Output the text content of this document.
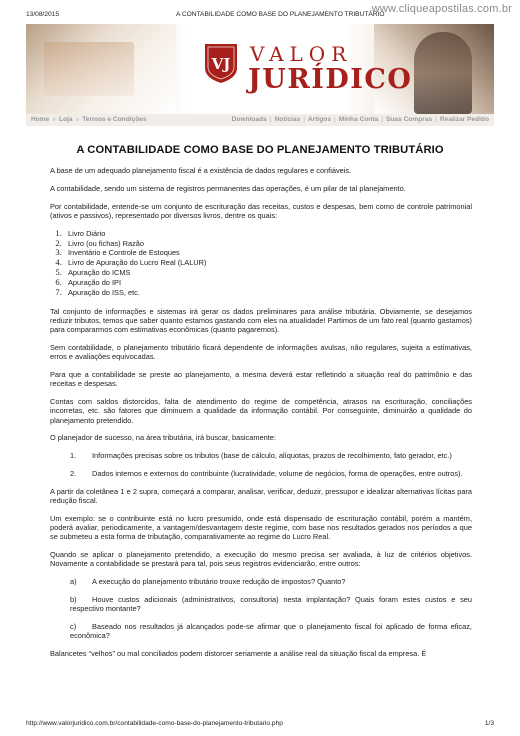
13/08/2015	A CONTABILIDADE COMO BASE DO PLANEJAMENTO TRIBUTÁRIO
www.cliqueapostilas.com.br
VJ VALOR
JURÍDICO
Home » Loja » Termos e Condições	Downloads | Notícias | Artigos | Minha Conta | Suas Compras | Realizar Pedido
A CONTABILIDADE COMO BASE DO PLANEJAMENTO TRIBUTÁRIO

A base de um adequado planejamento fiscal é a existência de dados regulares e confiáveis.

A contabilidade, sendo um sistema de registros permanentes das operações, é um pilar de tal planejamento.

Por contabilidade, entende-se um conjunto de escrituração das receitas, custos e despesas, bem como de controle patrimonial (ativos e passivos), representado por diversos livros, dentre os quais:

1. Livro Diário
2. Livro (ou fichas) Razão
3. Inventário e Controle de Estoques
4. Livro de Apuração do Lucro Real (LALUR)
5. Apuração do ICMS
6. Apuração do IPI
7. Apuração do ISS, etc.

Tal conjunto de informações e sistemas irá gerar os dados preliminares para análise tributária. Obviamente, se desejamos reduzir tributos, temos que saber quanto estamos gastando com eles na atualidade! Partimos de um fato real (quanto gastamos) para compararmos com estimativas econômicas (quanto pagaremos).

Sem contabilidade, o planejamento tributário ficará dependente de informações avulsas, não regulares, sujeita a estimativas, erros e avaliações equivocadas.

Para que a contabilidade se preste ao planejamento, a mesma deverá estar refletindo a situação real do patrimônio e das receitas e despesas.

Contas com saldos distorcidos, falta de atendimento do regime de competência, atrasos na escrituração, conciliações incorretas, etc. são fatores que diminuem a qualidade da informação contábil. Por conseguinte, diminuirão a qualidade do planejamento pretendido.

O planejador de sucesso, na área tributária, irá buscar, basicamente:

1. Informações precisas sobre os tributos (base de cálculo, alíquotas, prazos de recolhimento, fato gerador, etc.)

2. Dados internos e externos do contribuinte (lucratividade, volume de negócios, forma de operações, entre outros).

A partir da coletânea 1 e 2 supra, começará a comparar, analisar, verificar, deduzir, pressupor e idealizar alternativas lícitas para redução fiscal.

Um exemplo: se o contribuinte está no lucro presumido, onde está dispensado de escrituração contábil, porém a mantém, poderá avaliar, periodicamente, a vantagem/desvantagem deste regime, com base nos resultados gerados nos períodos a que se submeteu a esta forma de tributação, comparativamente ao regime do Lucro Real.

Quando se aplicar o planejamento pretendido, a execução do mesmo precisa ser avaliada, à luz de critérios objetivos. Novamente a contabilidade se prestará para tal, pois seus registros evidenciarão, entre outros:

a) A execução do planejamento tributário trouxe redução de impostos? Quanto?

b) Houve custos adicionais (administrativos, consultoria) nesta implantação? Quais foram estes custos e seu respectivo montante?

c) Baseado nos resultados já alcançados pode-se afirmar que o planejamento fiscal foi aplicado de forma eficaz, econômica?

Balancetes “velhos” ou mal conciliados podem distorcer seriamente a análise real da situação fiscal da empresa. É

http://www.valorjuridico.com.br/contabilidade-como-base-do-planejamento-tributario.php	1/3
